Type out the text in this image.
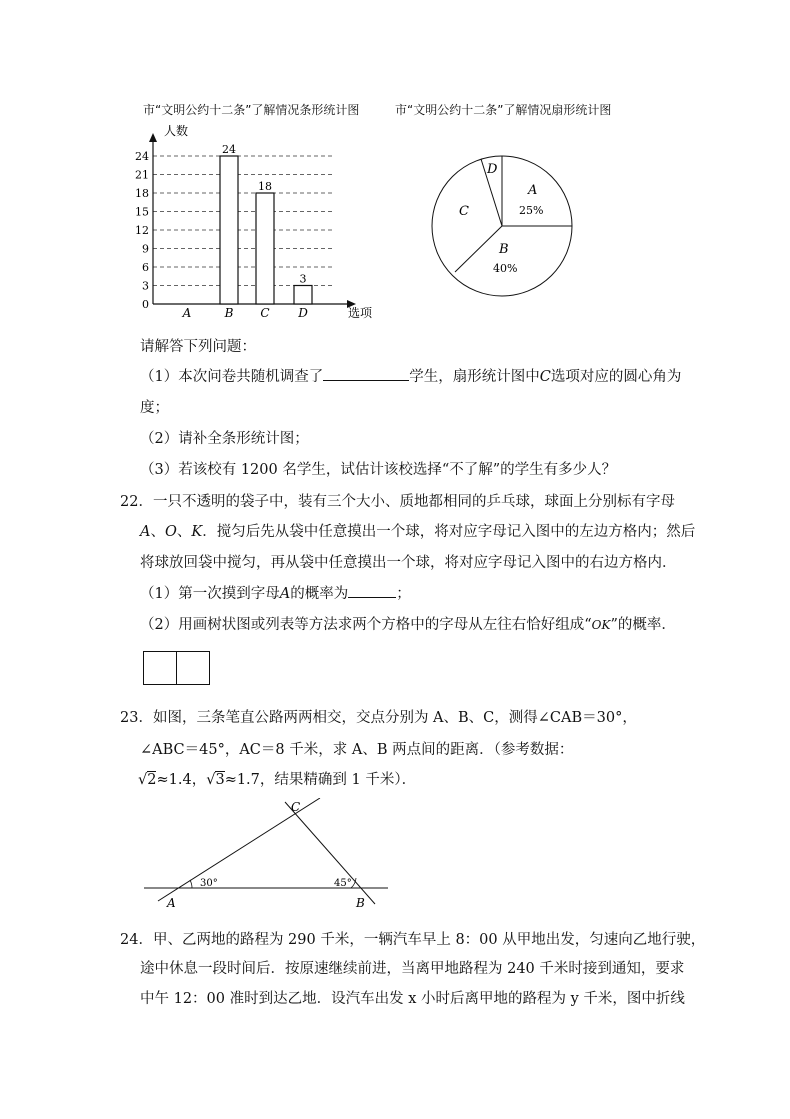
市“文明公约十二条”了解情况条形统计图	市“文明公约十二条”了解情况扇形统计图
人数
选项
0
3
6
9
12
15
18
21
24
24
18
3
A	B C D
A
25%
B
40%
C
D
请解答下列问题：
（1）本次问卷共随机调查了	学生，扇形统计图中C选项对应的圆心角为
度；
（2）请补全条形统计图；
（3）若该校有 1200 名学生，试估计该校选择“不了解”的学生有多少人？
22．一只不透明的袋子中，装有三个大小、质地都相同的乒乓球，球面上分别标有字母
A、O、K．搅匀后先从袋中任意摸出一个球，将对应字母记入图中的左边方格内；然后
将球放回袋中搅匀，再从袋中任意摸出一个球，将对应字母记入图中的右边方格内．
（1）第一次摸到字母A的概率为	；
（2）用画树状图或列表等方法求两个方格中的字母从左往右恰好组成“OK”的概率．
23．如图，三条笔直公路两两相交，交点分别为 A、B、C，测得∠CAB＝30°，
∠ABC＝45°，AC＝8 千米，求 A、B 两点间的距离．（参考数据：
√2≈1.4，√3≈1.7，结果精确到 1 千米）．
30°	45°
A	B
C
24．甲、乙两地的路程为 290 千米，一辆汽车早上 8：00 从甲地出发，匀速向乙地行驶，
途中休息一段时间后．按原速继续前进，当离甲地路程为 240 千米时接到通知，要求
中午 12：00 准时到达乙地．设汽车出发 x 小时后离甲地的路程为 y 千米，图中折线
